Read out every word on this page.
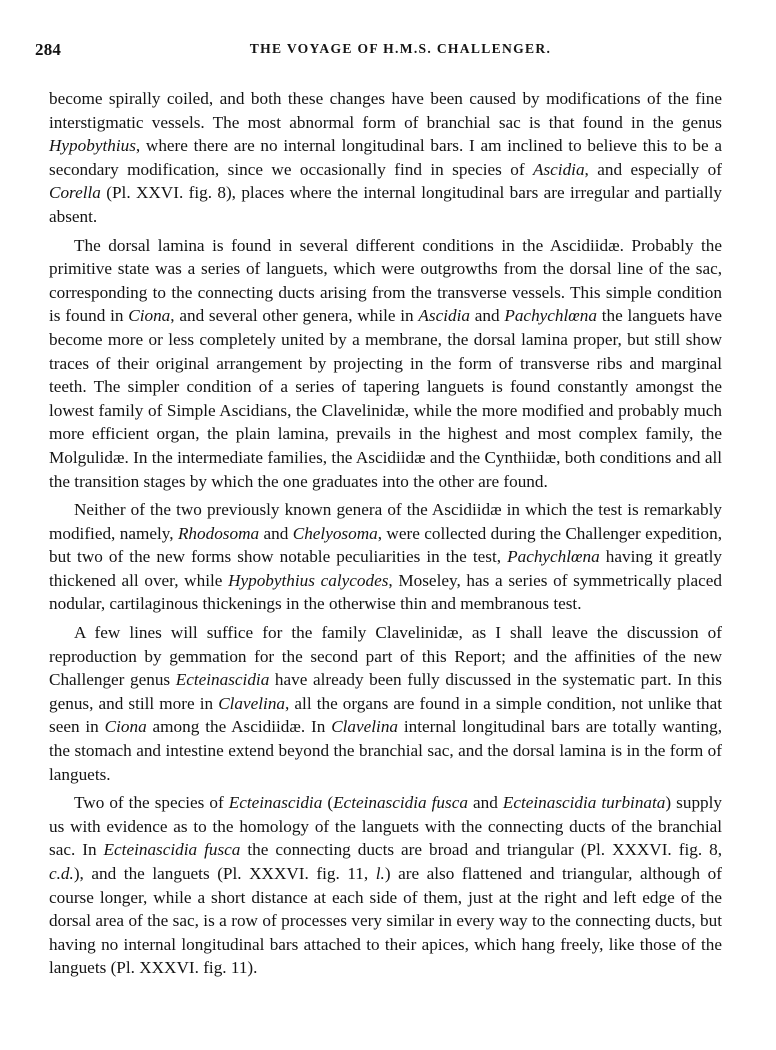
284	THE VOYAGE OF H.M.S. CHALLENGER.

become spirally coiled, and both these changes have been caused by modifications of the fine interstigmatic vessels. The most abnormal form of branchial sac is that found in the genus Hypobythius, where there are no internal longitudinal bars. I am inclined to believe this to be a secondary modification, since we occasionally find in species of Ascidia, and especially of Corella (Pl. XXVI. fig. 8), places where the internal longitudinal bars are irregular and partially absent.

The dorsal lamina is found in several different conditions in the Ascidiidæ. Probably the primitive state was a series of languets, which were outgrowths from the dorsal line of the sac, corresponding to the connecting ducts arising from the transverse vessels. This simple condition is found in Ciona, and several other genera, while in Ascidia and Pachychlœna the languets have become more or less completely united by a membrane, the dorsal lamina proper, but still show traces of their original arrangement by projecting in the form of transverse ribs and marginal teeth. The simpler condition of a series of tapering languets is found constantly amongst the lowest family of Simple Ascidians, the Clavelinidæ, while the more modified and probably much more efficient organ, the plain lamina, prevails in the highest and most complex family, the Molgulidæ. In the intermediate families, the Ascidiidæ and the Cynthiidæ, both conditions and all the transition stages by which the one graduates into the other are found.

Neither of the two previously known genera of the Ascidiidæ in which the test is remarkably modified, namely, Rhodosoma and Chelyosoma, were collected during the Challenger expedition, but two of the new forms show notable peculiarities in the test, Pachychlœna having it greatly thickened all over, while Hypobythius calycodes, Moseley, has a series of symmetrically placed nodular, cartilaginous thickenings in the otherwise thin and membranous test.

A few lines will suffice for the family Clavelinidæ, as I shall leave the discussion of reproduction by gemmation for the second part of this Report; and the affinities of the new Challenger genus Ecteinascidia have already been fully discussed in the systematic part. In this genus, and still more in Clavelina, all the organs are found in a simple condition, not unlike that seen in Ciona among the Ascidiidæ. In Clavelina internal longitudinal bars are totally wanting, the stomach and intestine extend beyond the branchial sac, and the dorsal lamina is in the form of languets.

Two of the species of Ecteinascidia (Ecteinascidia fusca and Ecteinascidia turbinata) supply us with evidence as to the homology of the languets with the connecting ducts of the branchial sac. In Ecteinascidia fusca the connecting ducts are broad and triangular (Pl. XXXVI. fig. 8, c.d.), and the languets (Pl. XXXVI. fig. 11, l.) are also flattened and triangular, although of course longer, while a short distance at each side of them, just at the right and left edge of the dorsal area of the sac, is a row of processes very similar in every way to the connecting ducts, but having no internal longitudinal bars attached to their apices, which hang freely, like those of the languets (Pl. XXXVI. fig. 11).
